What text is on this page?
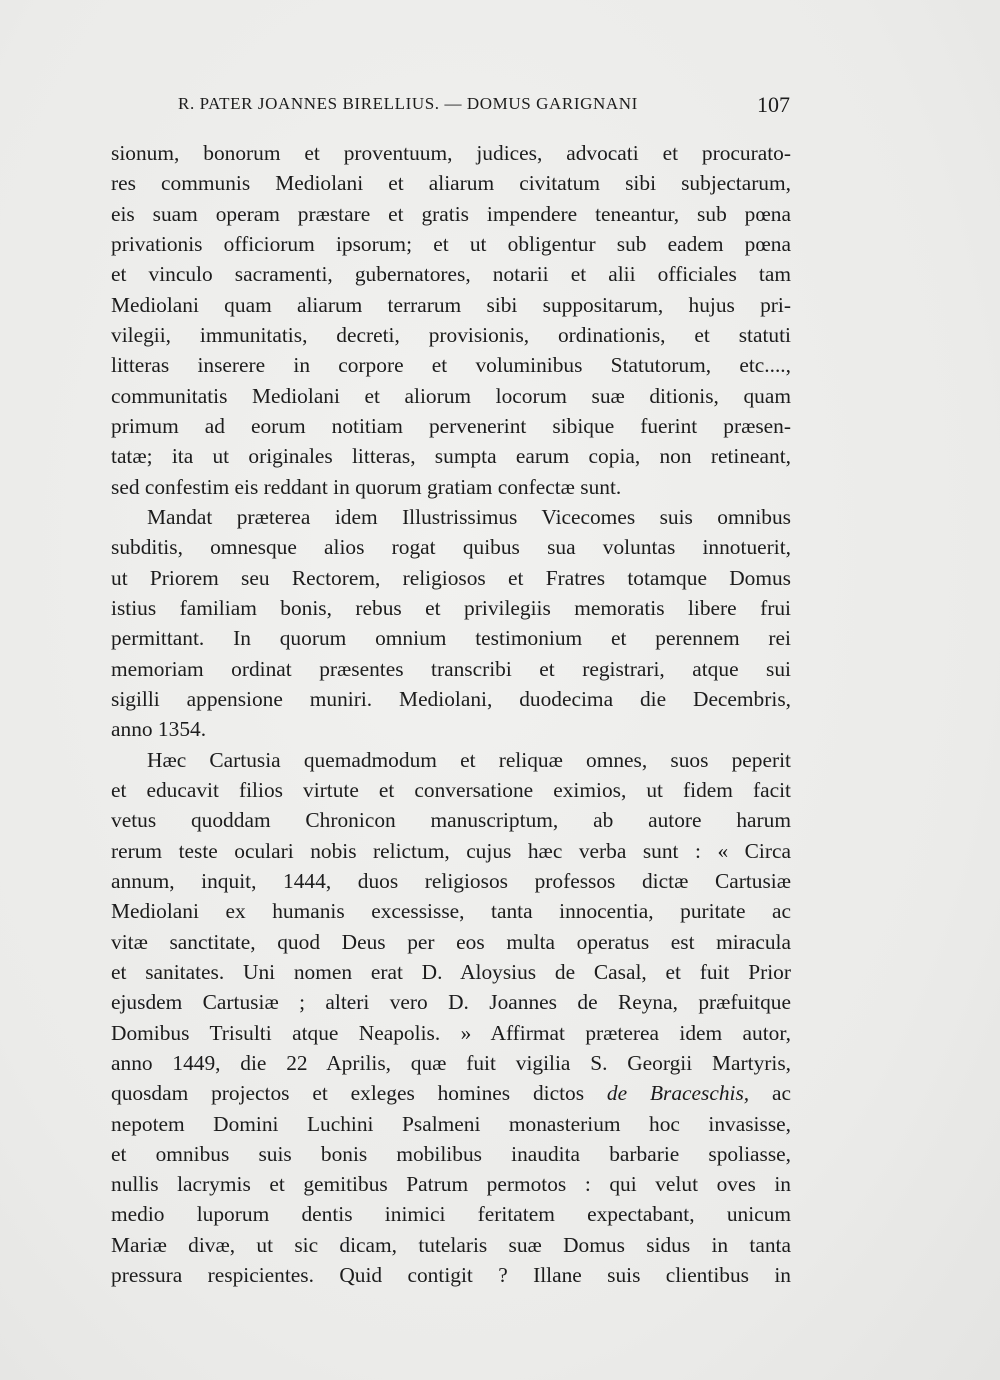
R. PATER JOANNES BIRELLIUS. — DOMUS GARIGNANI	107
sionum, bonorum et proventuum, judices, advocati et procurato-
res communis Mediolani et aliarum civitatum sibi subjectarum,
eis suam operam præstare et gratis impendere teneantur, sub pœna
privationis officiorum ipsorum; et ut obligentur sub eadem pœna
et vinculo sacramenti, gubernatores, notarii et alii officiales tam
Mediolani quam aliarum terrarum sibi suppositarum, hujus pri-
vilegii, immunitatis, decreti, provisionis, ordinationis, et statuti
litteras inserere in corpore et voluminibus Statutorum, etc....,
communitatis Mediolani et aliorum locorum suæ ditionis, quam
primum ad eorum notitiam pervenerint sibique fuerint præsen-
tatæ; ita ut originales litteras, sumpta earum copia, non retineant,
sed confestim eis reddant in quorum gratiam confectæ sunt.
Mandat præterea idem Illustrissimus Vicecomes suis omnibus
subditis, omnesque alios rogat quibus sua voluntas innotuerit,
ut Priorem seu Rectorem, religiosos et Fratres totamque Domus
istius familiam bonis, rebus et privilegiis memoratis libere frui
permittant. In quorum omnium testimonium et perennem rei
memoriam ordinat præsentes transcribi et registrari, atque sui
sigilli appensione muniri. Mediolani, duodecima die Decembris,
anno 1354.
Hæc Cartusia quemadmodum et reliquæ omnes, suos peperit
et educavit filios virtute et conversatione eximios, ut fidem facit
vetus quoddam Chronicon manuscriptum, ab autore harum
rerum teste oculari nobis relictum, cujus hæc verba sunt : « Circa
annum, inquit, 1444, duos religiosos professos dictæ Cartusiæ
Mediolani ex humanis excessisse, tanta innocentia, puritate ac
vitæ sanctitate, quod Deus per eos multa operatus est miracula
et sanitates. Uni nomen erat D. Aloysius de Casal, et fuit Prior
ejusdem Cartusiæ ; alteri vero D. Joannes de Reyna, præfuitque
Domibus Trisulti atque Neapolis. » Affirmat præterea idem autor,
anno 1449, die 22 Aprilis, quæ fuit vigilia S. Georgii Martyris,
quosdam projectos et exleges homines dictos de Braceschis, ac
nepotem Domini Luchini Psalmeni monasterium hoc invasisse,
et omnibus suis bonis mobilibus inaudita barbarie spoliasse,
nullis lacrymis et gemitibus Patrum permotos : qui velut oves in
medio luporum dentis inimici feritatem expectabant, unicum
Mariæ divæ, ut sic dicam, tutelaris suæ Domus sidus in tanta
pressura respicientes. Quid contigit ? Illane suis clientibus in
